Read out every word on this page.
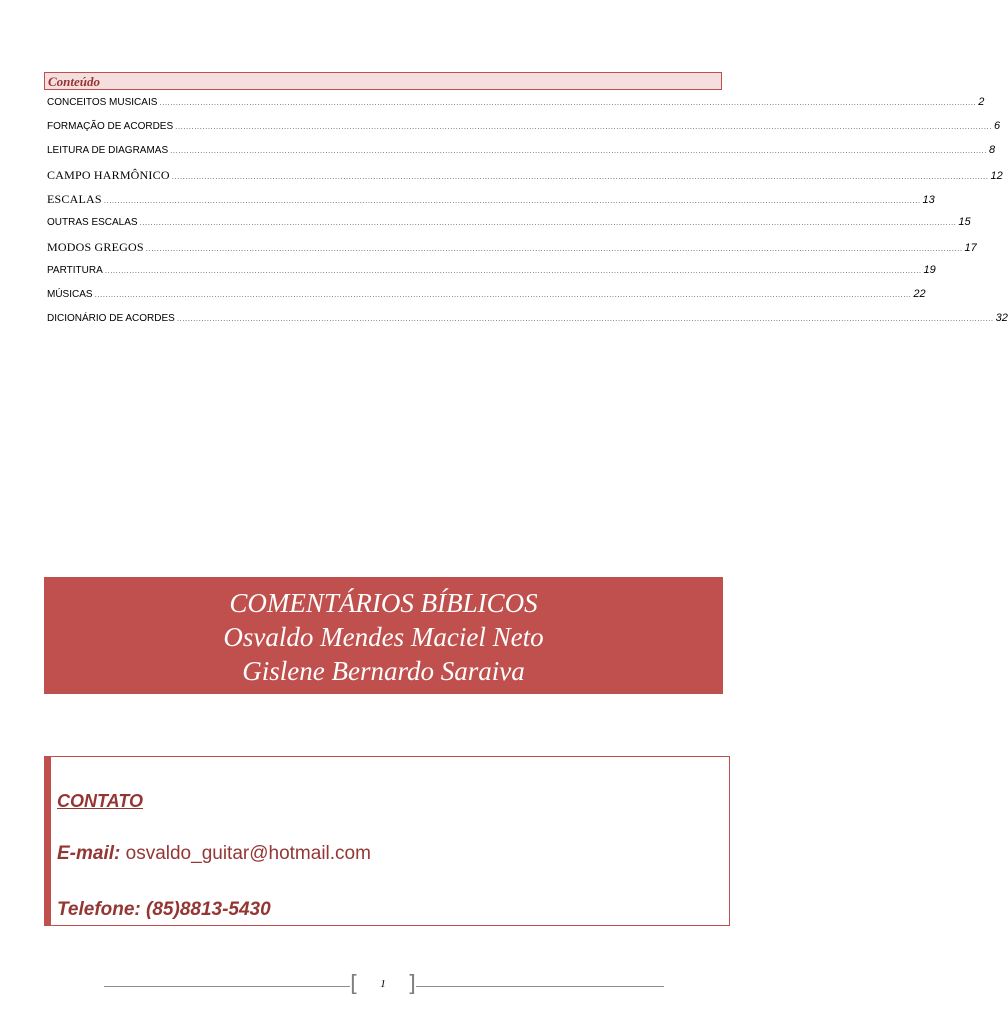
Conteúdo
CONCEITOS MUSICAIS ............................................................................................................................................................................................................................................................................................................ 2
FORMAÇÃO DE ACORDES ............................................................................................................................................................................................................................................................................................................ 6
LEITURA DE DIAGRAMAS ............................................................................................................................................................................................................................................................................................................ 8
CAMPO HARMÔNICO ............................................................................................................................................................................................................................................................................................................ 12
ESCALAS ............................................................................................................................................................................................................................................................................................................ 13
OUTRAS ESCALAS ............................................................................................................................................................................................................................................................................................................ 15
MODOS GREGOS ............................................................................................................................................................................................................................................................................................................ 17
PARTITURA ............................................................................................................................................................................................................................................................................................................ 19
MÚSICAS ............................................................................................................................................................................................................................................................................................................ 22
DICIONÁRIO DE ACORDES ............................................................................................................................................................................................................................................................................................................ 32
COMENTÁRIOS BÍBLICOS
Osvaldo Mendes Maciel Neto
Gislene Bernardo Saraiva
CONTATO
E-mail: osvaldo_guitar@hotmail.com
Telefone: (85)8813-5430
[	1 ]
